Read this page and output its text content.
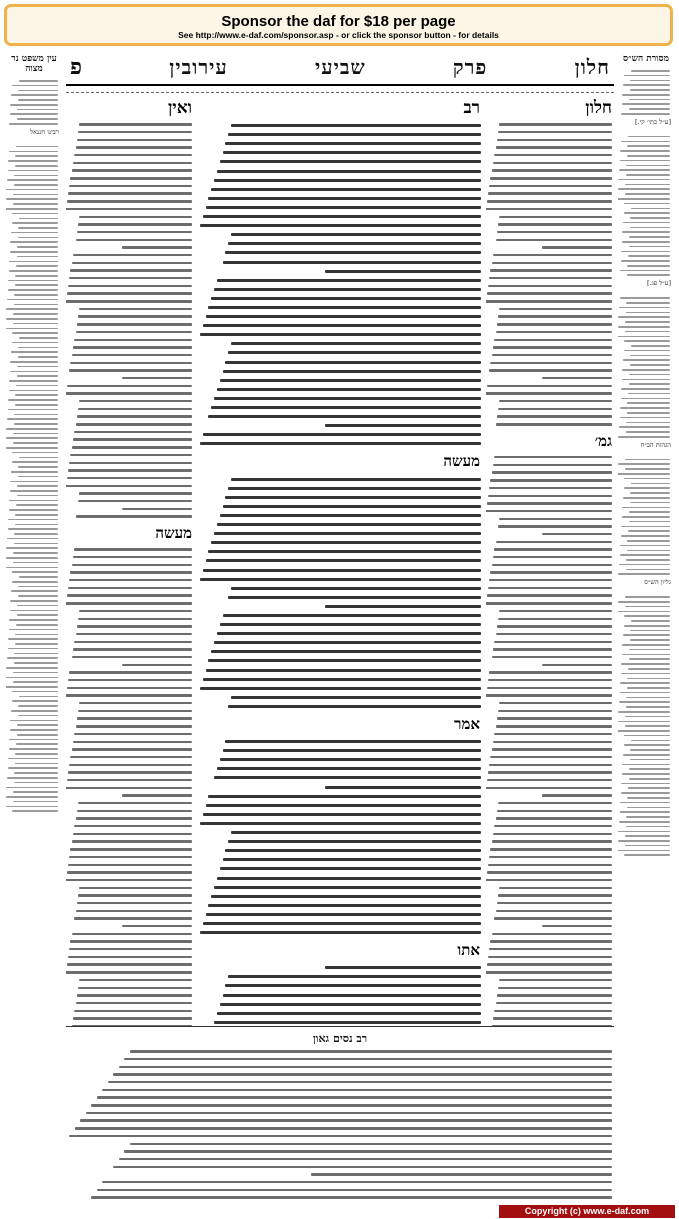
Sponsor the daf for $18 per page
See http://www.e-daf.com/sponsor.asp - or click the sponsor button - for details
מסורת הש״ס
[ע״ל כתי׳ קי.]
[ע״ל פג.]
הגהות הב״ח
גליון הש״ס
עין משפט נר מצוה
רבינו חננאל
חלון
פרק
שביעי
עירובין
פ
חלון
גמ׳
רב
מעשה
אמר
אתו
ואין
מעשה
רב נסים גאון
Copyright (c) www.e-daf.com
